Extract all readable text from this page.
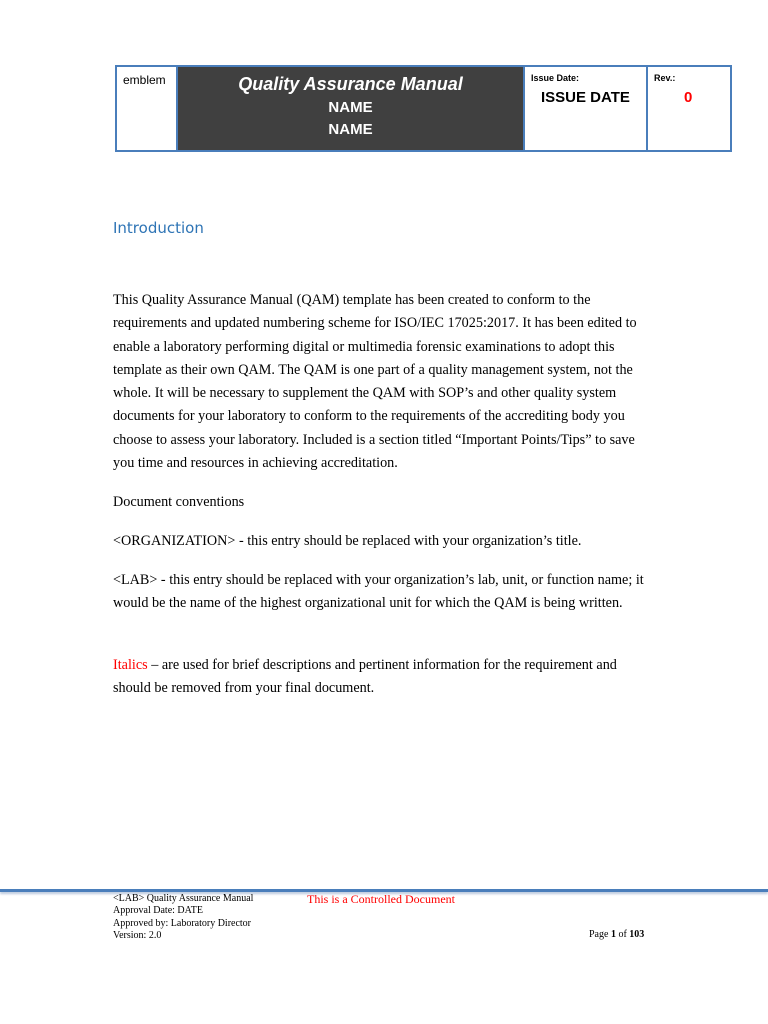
emblem	Quality Assurance Manual
NAME
NAME
Issue Date:
ISSUE DATE
Rev.:
0
Introduction

This Quality Assurance Manual (QAM) template has been created to conform to the requirements and updated numbering scheme for ISO/IEC 17025:2017. It has been edited to enable a laboratory performing digital or multimedia forensic examinations to adopt this template as their own QAM. The QAM is one part of a quality management system, not the whole. It will be necessary to supplement the QAM with SOP’s and other quality system documents for your laboratory to conform to the requirements of the accrediting body you choose to assess your laboratory. Included is a section titled “Important Points/Tips” to save you time and resources in achieving accreditation.

Document conventions

<ORGANIZATION> - this entry should be replaced with your organization’s title.

<LAB> - this entry should be replaced with your organization’s lab, unit, or function name; it would be the name of the highest organizational unit for which the QAM is being written.

Italics – are used for brief descriptions and pertinent information for the requirement and should be removed from your final document.

<LAB> Quality Assurance Manual
Approval Date: DATE
Approved by: Laboratory Director
Version: 2.0
This is a Controlled Document
Page 1 of 103
